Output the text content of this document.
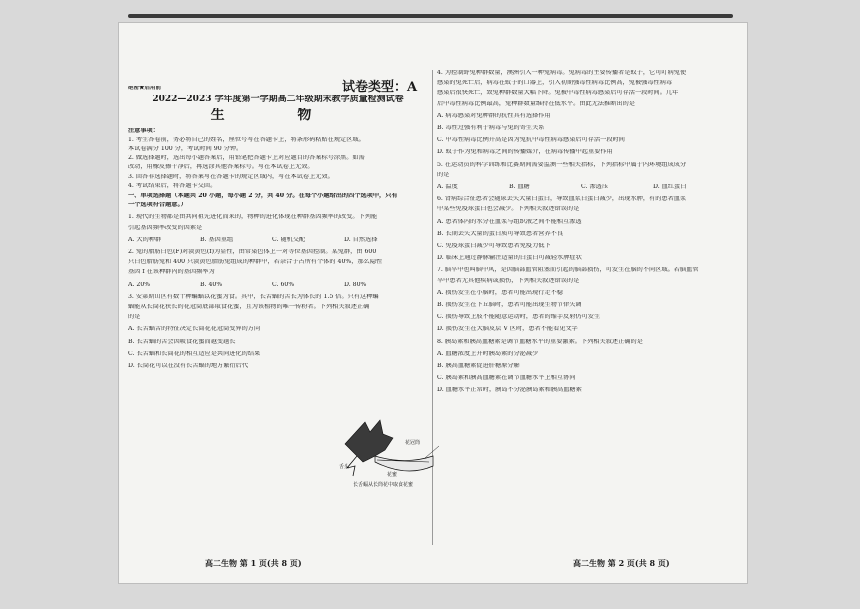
试卷类型：A
绝密★启用前
2022—2023 学年度第一学期高二年级期末教学质量检测试卷
生 物
注意事项：
1. 考生答卷前，务必将自己的姓名，座位号写在答题卡上，将条形码粘贴在规定区域。
本试卷满分 100 分，考试时间 90 分钟。
2. 做选择题时，选出每小题答案后，用铅笔把答题卡上对应题目的答案标号涂黑。如需
改动，用橡皮擦干净后，再选涂其他答案标号。写在本试卷上无效。
3. 回答非选择题时，将答案写在答题卡的规定区域内，写在本试卷上无效。
4. 考试结束后，将答题卡交回。
一、单项选择题（本题共 20 小题，每小题 2 分，共 40 分。在每个小题给出的四个选项中，只有
一个选项符合题意。）
1. 现代的生物都是由共同祖先进化而来的，物种的进化体现在种群基因频率的改变。下列能
引起基因频率改变的因素是
A. 大的种群	B. 基因重组	C. 随机交配	D. 自然选择
2. 兔的脂肪白色(F)对淡黄色(f)为显性，由常染色体上一对等位基因控制。某兔群，由 600
只白色脂肪兔和 400 只淡黄色脂肪兔组成的种群中，若杂合子占所有个体的 40%，那么隐性
基因 f 在该种群内的基因频率为
A. 20%	B. 40%	C. 60%	D. 80%
3. 安第斯山区有数十种蝙蝠以花蜜为食。其中，长舌蝠的舌长为体长的 1.5 倍。只有这种蝙
蝠能从长筒花狭长的花冠筒底部取食花蜜，且为该植物的唯一传粉者。下列相关叙述正确
的是
A. 长舌蝠舌的特征决定长筒花花冠筒变异的方向
B. 长舌蝠的舌会因吸食花蜜而越变越长
C. 长舌蝠和长筒花的相互适应是共同进化的结果
D. 长筒花可以在没有长舌蝠的地方繁衍后代
花冠筒
舌头
花蜜
长舌蝠从长筒花中取食花蜜
4. 为控制野兔种群数量，澳洲引入一种兔病毒。兔病毒的主要传播者是蚊子，它可叮病兔使
感染的兔死亡后，病毒在蚊子的口器上，引入初期强毒性病毒比例高，兔被强毒性病毒
感染后很快死亡，致兔种群数量大幅下降。兔被中毒性病毒感染后可存活一段时间。几年
后中毒性病毒比例最高，兔种群数量维持在低水平。由此无法推断出的是
A. 病毒感染对兔种群的抗性具有选择作用
B. 毒性过强有利于病毒与兔的寄生关系
C. 中毒性病毒比例升高是因为兔抗中毒性病毒感染后可存活一段时间
D. 蚊子作为兔和病毒之间的传播媒介，在病毒传播中起重要作用
5. 在运动员的科学训练和比赛期间需要监测一些相关指标，下列指标中属于内环境组成成分
的是
A. 温度	B. 血糖	C. 渗透压	D. 血红蛋白
6. 肾病综合征患者会随尿丢失大量白蛋白，导致血浆白蛋白减少，出现水肿，有的患者血浆
中某些免疫球蛋白也会减少。下列相关叙述错误的是
A. 患者体内的水分在血浆与组织液之间不能相互渗透
B. 长期丢失大量的蛋白质可导致患者营养不良
C. 免疫球蛋白减少可导致患者免疫力低下
D. 临床上通过静脉输注适量的白蛋白可减轻水肿症状
7. 脑卒中也叫脑中风，是因脑部血管阻塞而引起的脑部损伤，可发生在脑的不同区域。若脑血管
卒中患者无其他疾病或损伤，下列相关叙述错误的是
A. 损伤发生在小脑时，患者可能出现行走不稳
B. 损伤发生在下丘脑时，患者可能出现生物节律失调
C. 损伤导致上肢不能随意运动时，患者的缩手反射仍可发生
D. 损伤发生在大脑皮层 V 区时，患者不能看见文字
8. 胰岛素和胰高血糖素是调节血糖水平的重要激素。下列相关叙述正确的是
A. 血糖浓度上升时胰岛素的分泌减少
B. 胰高血糖素促进肝糖原分解
C. 胰岛素和胰高血糖素在调节血糖水平上相互协同
D. 血糖水平正常时，胰岛不分泌胰岛素和胰高血糖素
高二生物 第 1 页(共 8 页)	高二生物 第 2 页(共 8 页)
